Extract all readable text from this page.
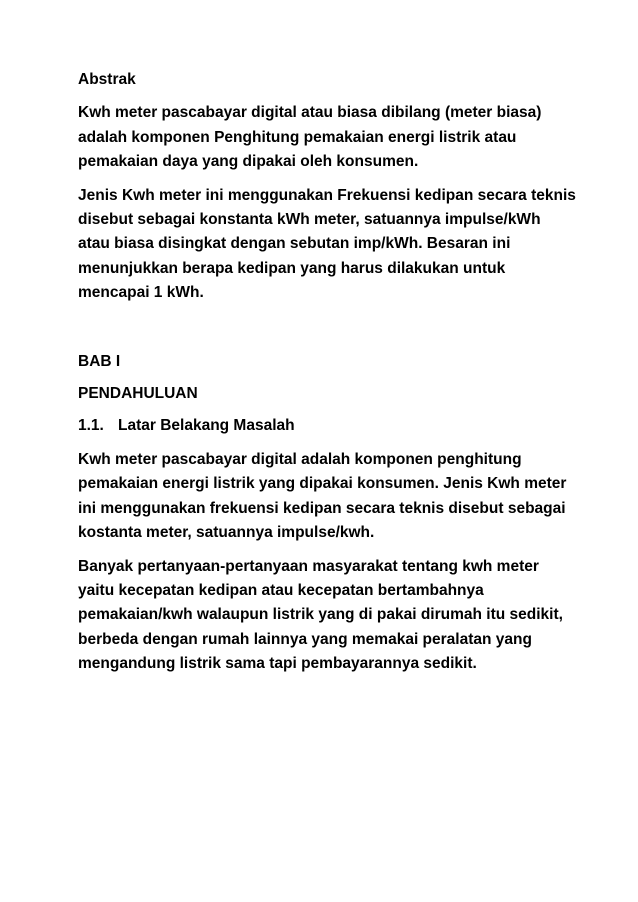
Abstrak
Kwh meter pascabayar digital atau biasa dibilang (meter biasa)
adalah komponen Penghitung pemakaian energi listrik atau
pemakaian daya yang dipakai oleh konsumen.
Jenis Kwh meter ini menggunakan Frekuensi kedipan secara teknis
disebut sebagai konstanta kWh meter, satuannya impulse/kWh
atau biasa disingkat dengan sebutan imp/kWh. Besaran ini
menunjukkan berapa kedipan yang harus dilakukan untuk
mencapai 1 kWh.
BAB I
PENDAHULUAN
1.1. Latar Belakang Masalah
Kwh meter pascabayar digital adalah komponen penghitung
pemakaian energi listrik yang dipakai konsumen. Jenis Kwh meter
ini menggunakan frekuensi kedipan secara teknis disebut sebagai
kostanta meter, satuannya impulse/kwh.
Banyak pertanyaan-pertanyaan masyarakat tentang kwh meter
yaitu kecepatan kedipan atau kecepatan bertambahnya
pemakaian/kwh walaupun listrik yang di pakai dirumah itu sedikit,
berbeda dengan rumah lainnya yang memakai peralatan yang
mengandung listrik sama tapi pembayarannya sedikit.
